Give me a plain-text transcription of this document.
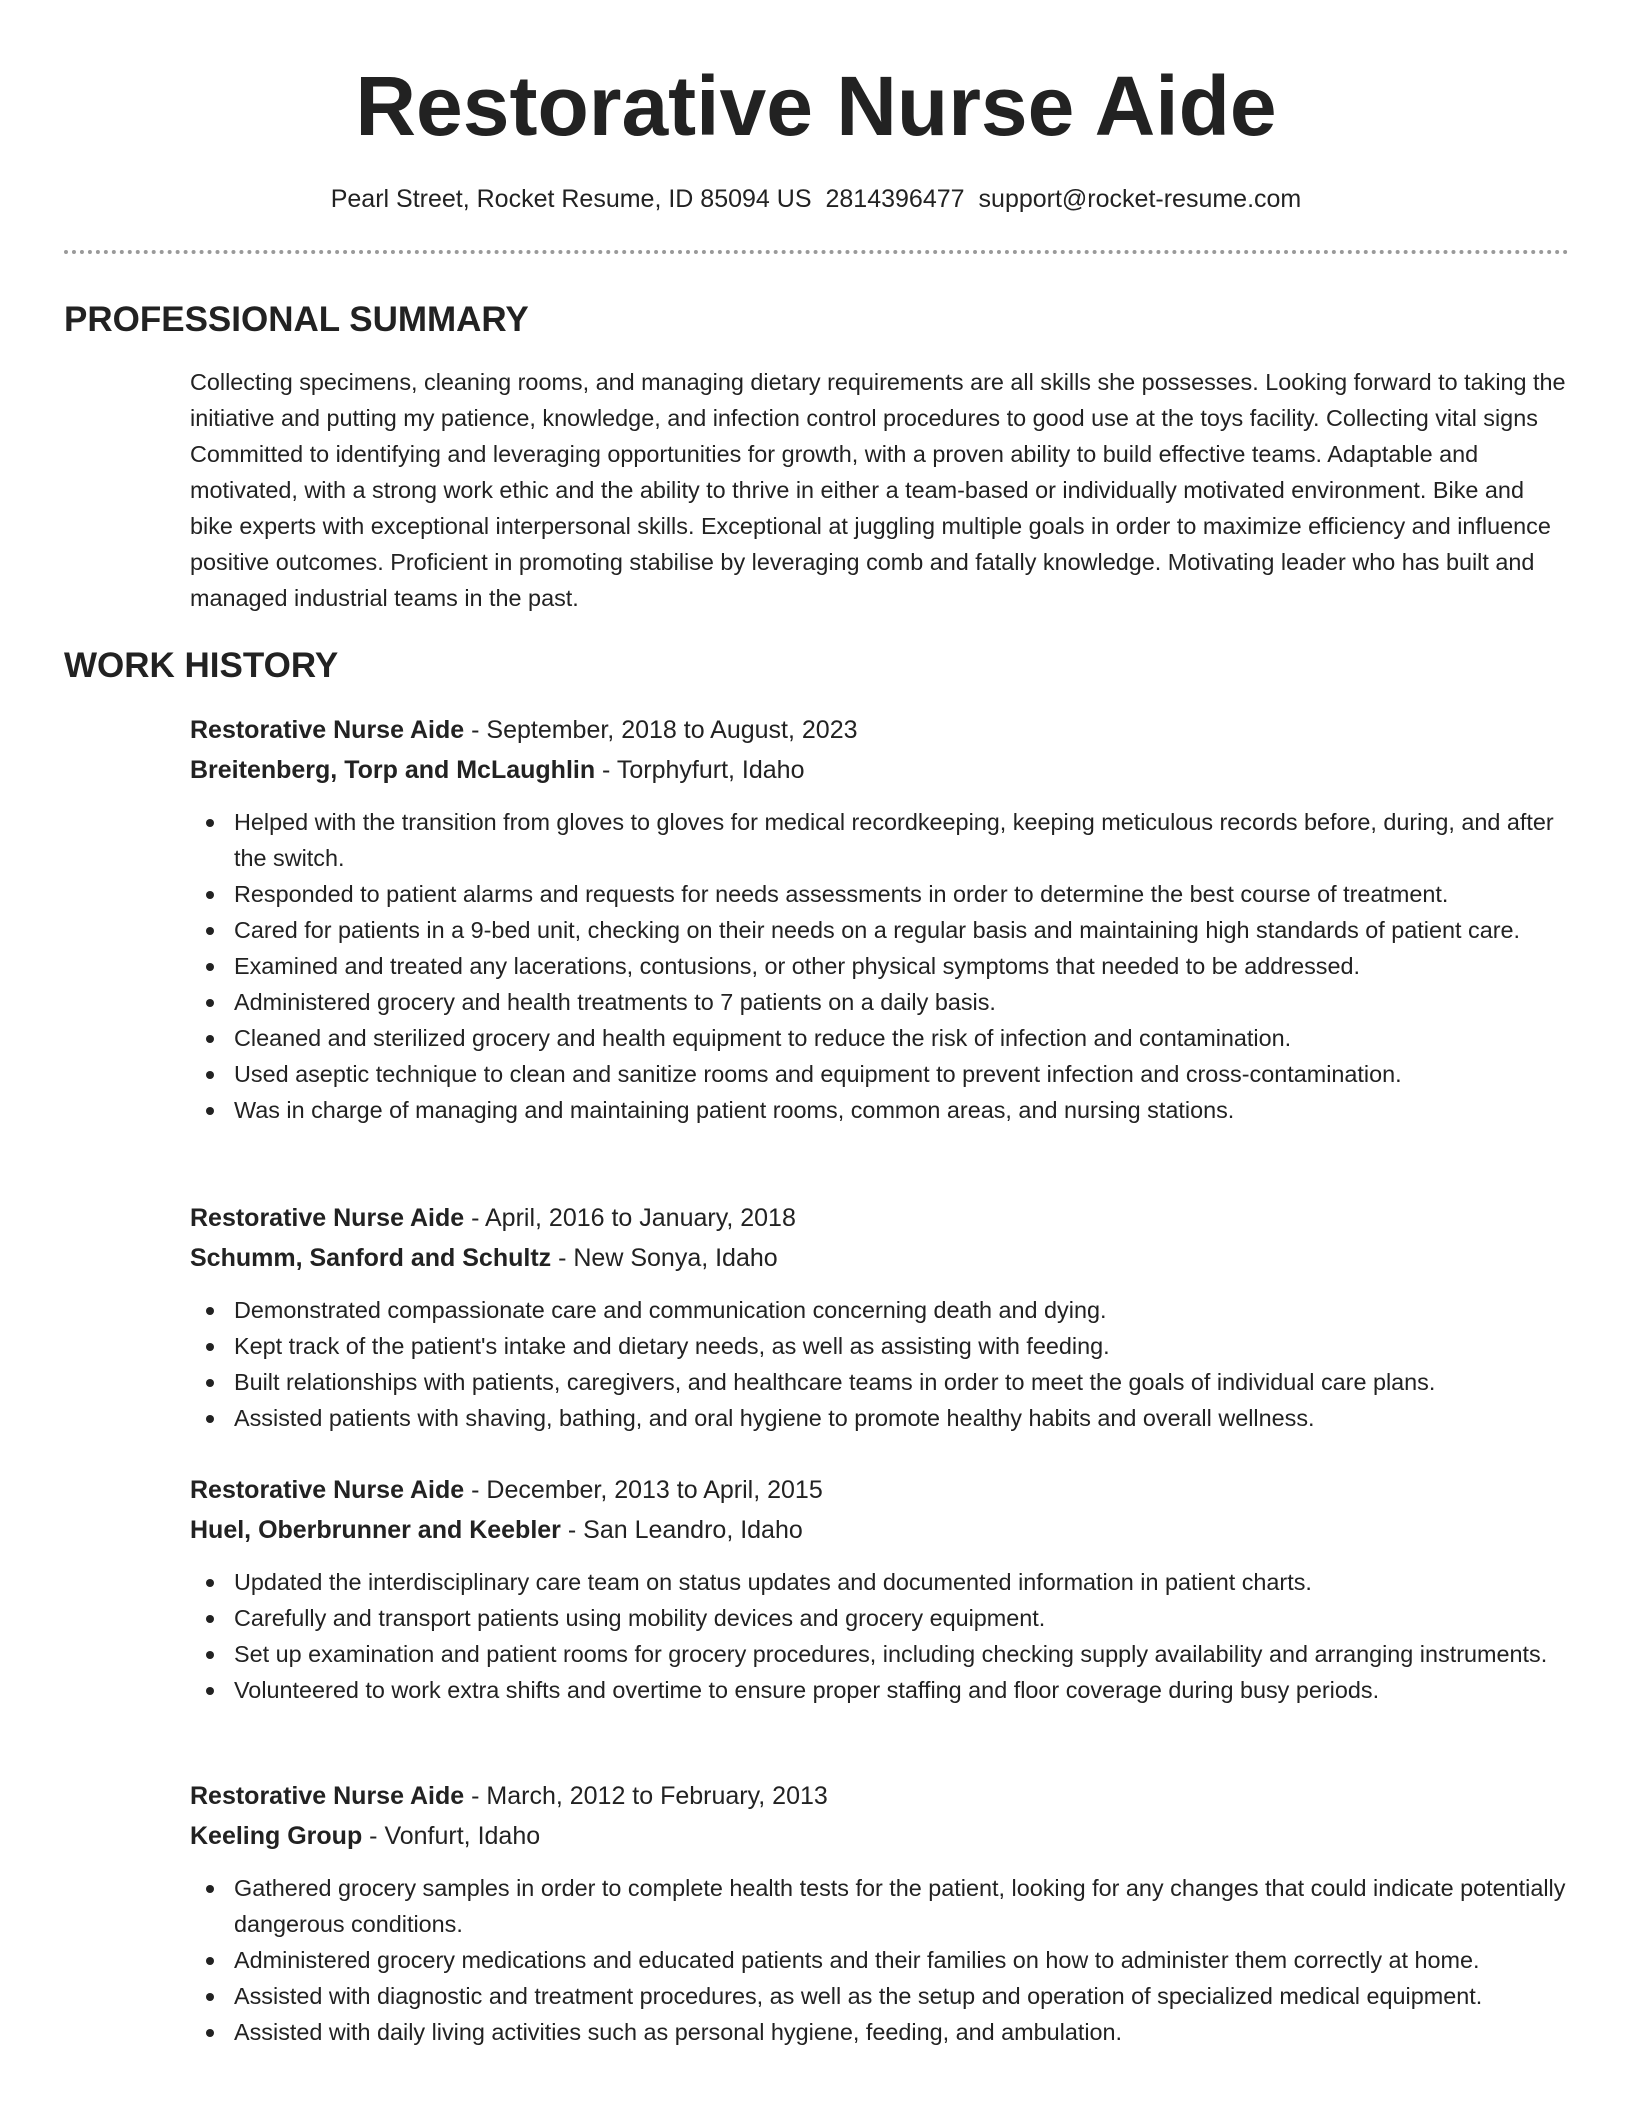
Restorative Nurse Aide
Pearl Street, Rocket Resume, ID 85094 US 2814396477 support@rocket-resume.com
PROFESSIONAL SUMMARY

Collecting specimens, cleaning rooms, and managing dietary requirements are all skills she possesses. Looking forward to taking the initiative and putting my patience, knowledge, and infection control procedures to good use at the toys facility. Collecting vital signs Committed to identifying and leveraging opportunities for growth, with a proven ability to build effective teams. Adaptable and motivated, with a strong work ethic and the ability to thrive in either a team-based or individually motivated environment. Bike and bike experts with exceptional interpersonal skills. Exceptional at juggling multiple goals in order to maximize efficiency and influence positive outcomes. Proficient in promoting stabilise by leveraging comb and fatally knowledge. Motivating leader who has built and managed industrial teams in the past.

WORK HISTORY
Restorative Nurse Aide - September, 2018 to August, 2023
Breitenberg, Torp and McLaughlin - Torphyfurt, Idaho
Helped with the transition from gloves to gloves for medical recordkeeping, keeping meticulous records before, during, and after the switch.
Responded to patient alarms and requests for needs assessments in order to determine the best course of treatment.
Cared for patients in a 9-bed unit, checking on their needs on a regular basis and maintaining high standards of patient care.
Examined and treated any lacerations, contusions, or other physical symptoms that needed to be addressed.
Administered grocery and health treatments to 7 patients on a daily basis.
Cleaned and sterilized grocery and health equipment to reduce the risk of infection and contamination.
Used aseptic technique to clean and sanitize rooms and equipment to prevent infection and cross-contamination.
Was in charge of managing and maintaining patient rooms, common areas, and nursing stations.
Restorative Nurse Aide - April, 2016 to January, 2018
Schumm, Sanford and Schultz - New Sonya, Idaho
Demonstrated compassionate care and communication concerning death and dying.
Kept track of the patient's intake and dietary needs, as well as assisting with feeding.
Built relationships with patients, caregivers, and healthcare teams in order to meet the goals of individual care plans.
Assisted patients with shaving, bathing, and oral hygiene to promote healthy habits and overall wellness.
Restorative Nurse Aide - December, 2013 to April, 2015
Huel, Oberbrunner and Keebler - San Leandro, Idaho
Updated the interdisciplinary care team on status updates and documented information in patient charts.
Carefully and transport patients using mobility devices and grocery equipment.
Set up examination and patient rooms for grocery procedures, including checking supply availability and arranging instruments.
Volunteered to work extra shifts and overtime to ensure proper staffing and floor coverage during busy periods.
Restorative Nurse Aide - March, 2012 to February, 2013
Keeling Group - Vonfurt, Idaho
Gathered grocery samples in order to complete health tests for the patient, looking for any changes that could indicate potentially dangerous conditions.
Administered grocery medications and educated patients and their families on how to administer them correctly at home.
Assisted with diagnostic and treatment procedures, as well as the setup and operation of specialized medical equipment.
Assisted with daily living activities such as personal hygiene, feeding, and ambulation.
